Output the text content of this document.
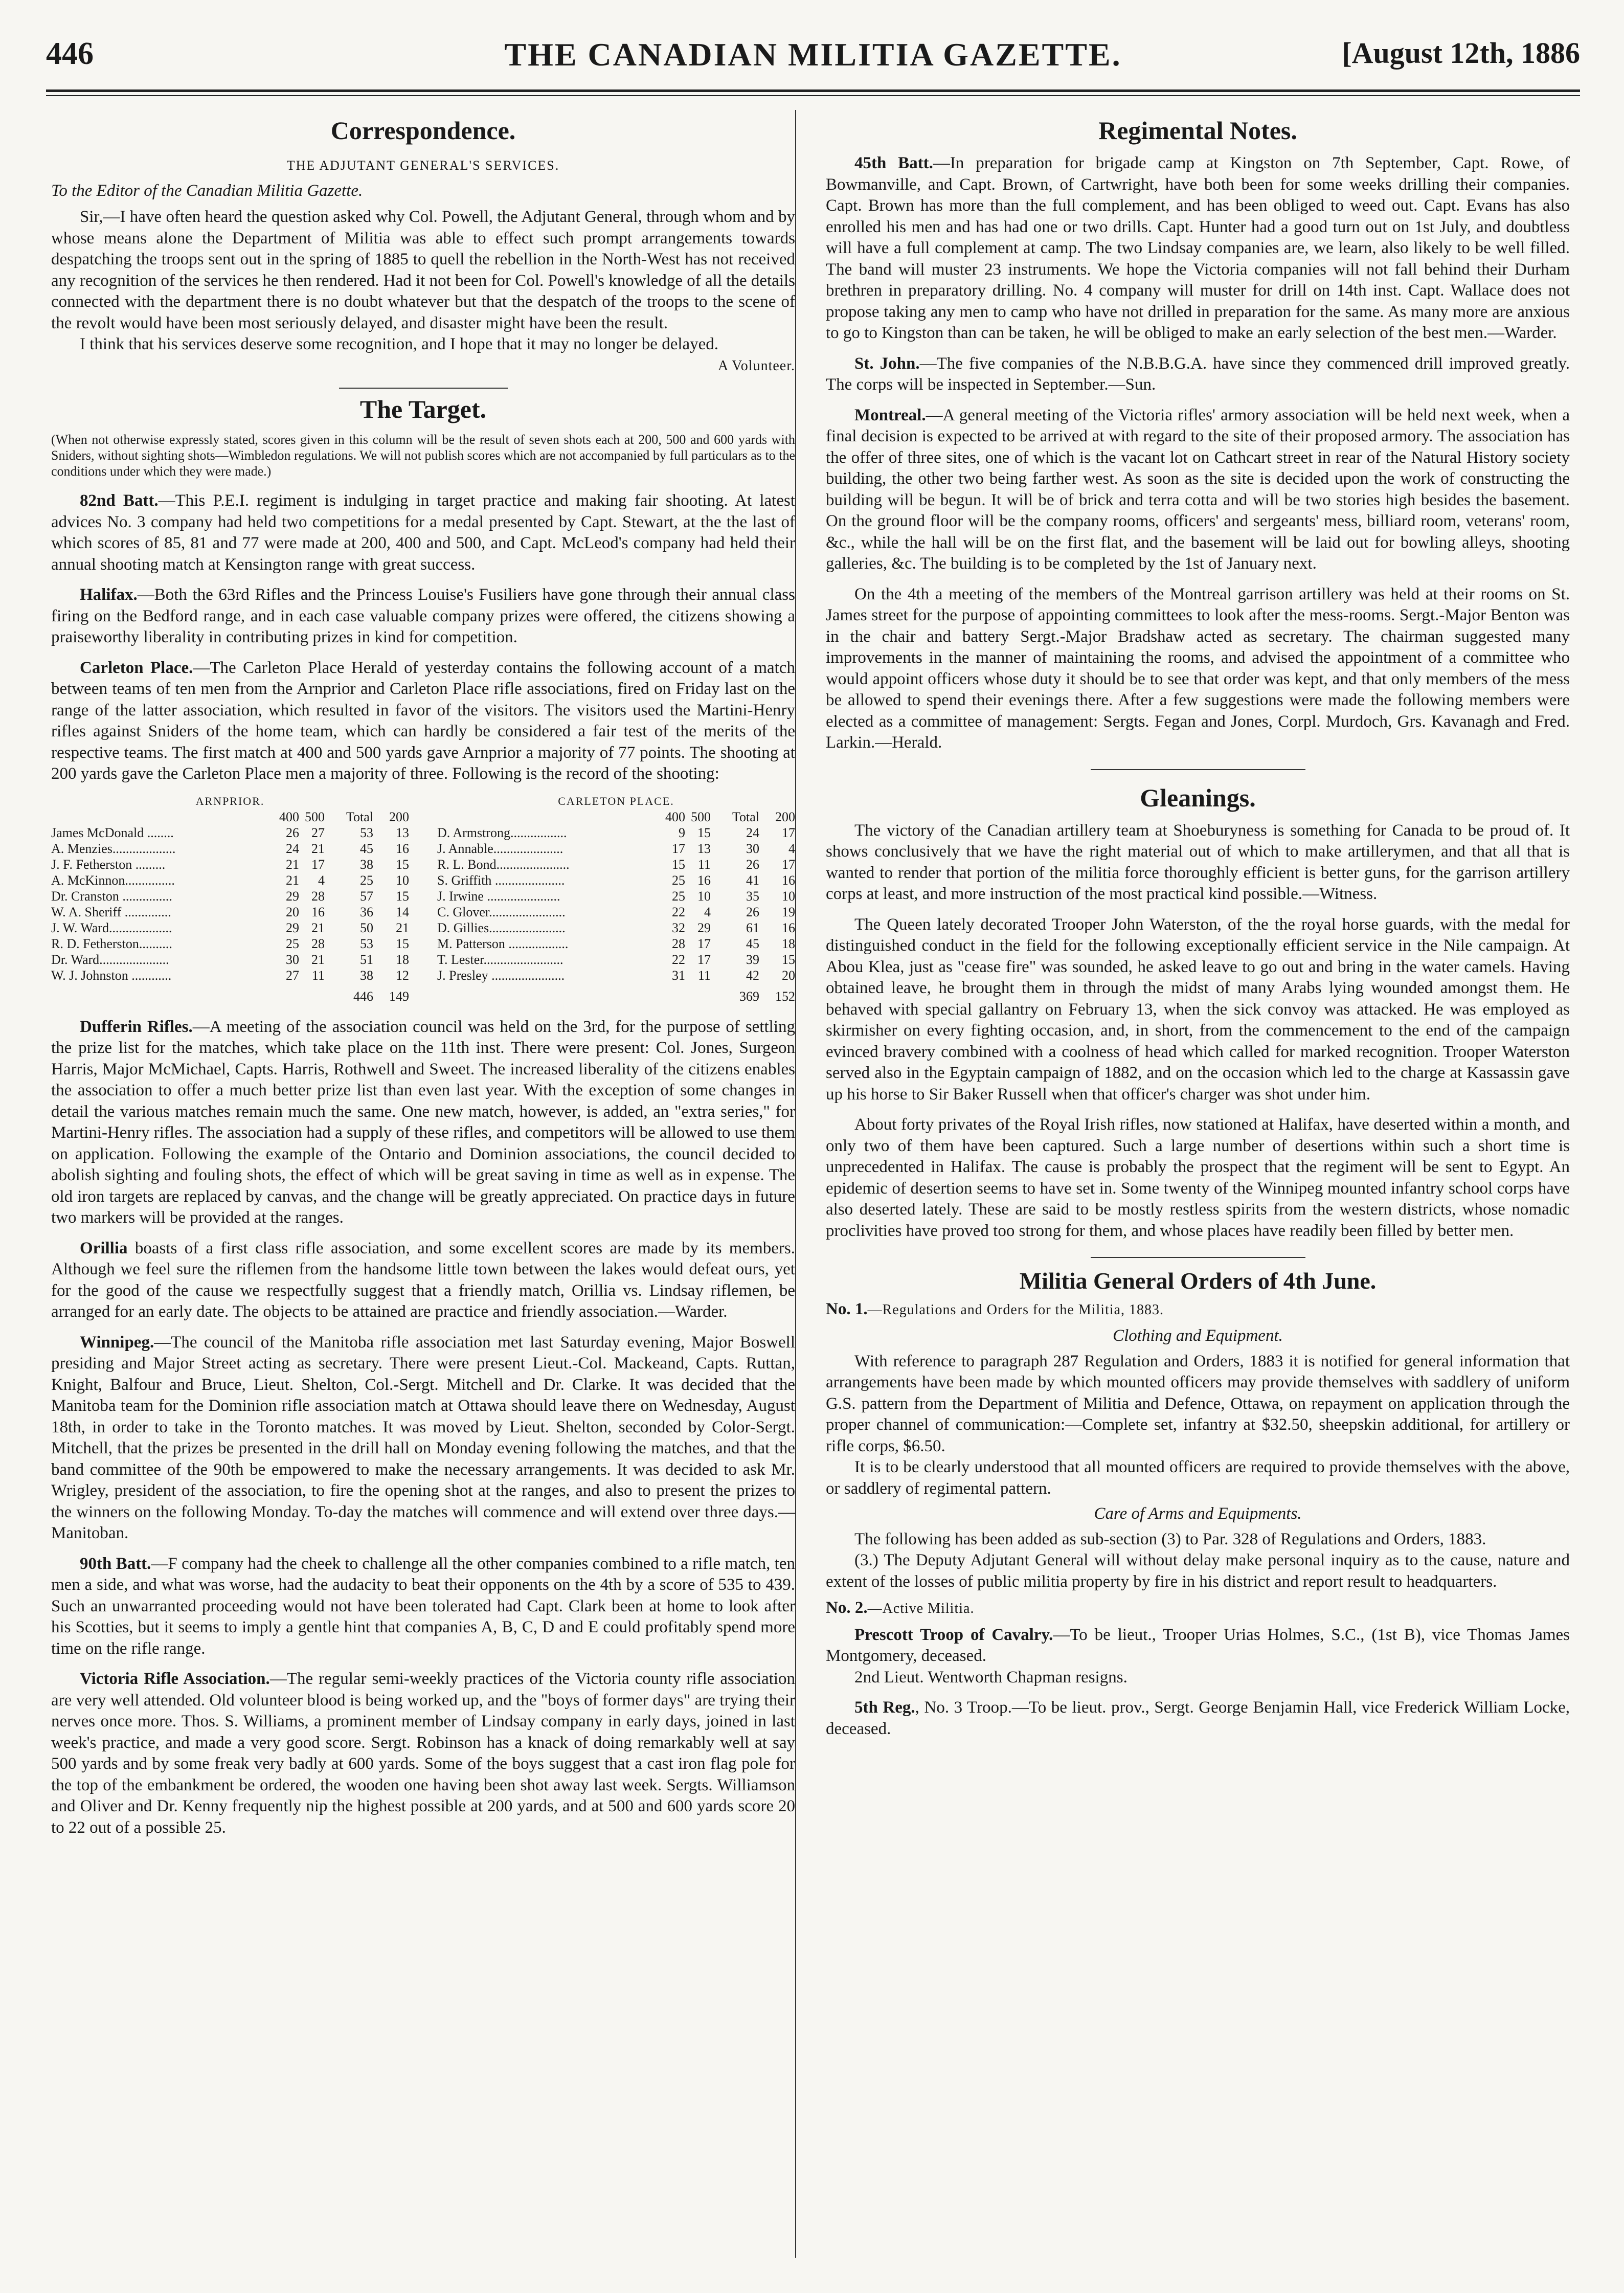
446	THE CANADIAN MILITIA GAZETTE.	[August 12th, 1886
Correspondence.
THE ADJUTANT GENERAL'S SERVICES.
To the Editor of the Canadian Militia Gazette.

Sir,—I have often heard the question asked why Col. Powell, the Adjutant General, through whom and by whose means alone the Department of Militia was able to effect such prompt arrangements towards despatching the troops sent out in the spring of 1885 to quell the rebellion in the North-West has not received any recognition of the services he then rendered. Had it not been for Col. Powell's knowledge of all the details connected with the department there is no doubt whatever but that the despatch of the troops to the scene of the revolt would have been most seriously delayed, and disaster might have been the result.

I think that his services deserve some recognition, and I hope that it may no longer be delayed.

A Volunteer.
The Target.
(When not otherwise expressly stated, scores given in this column will be the result of seven shots each at 200, 500 and 600 yards with Sniders, without sighting shots—Wimbledon regulations. We will not publish scores which are not accompanied by full particulars as to the conditions under which they were made.)

82nd Batt.—This P.E.I. regiment is indulging in target practice and making fair shooting. At latest advices No. 3 company had held two competitions for a medal presented by Capt. Stewart, at the the last of which scores of 85, 81 and 77 were made at 200, 400 and 500, and Capt. McLeod's company had held their annual shooting match at Kensington range with great success.

Halifax.—Both the 63rd Rifles and the Princess Louise's Fusiliers have gone through their annual class firing on the Bedford range, and in each case valuable company prizes were offered, the citizens showing a praiseworthy liberality in contributing prizes in kind for competition.

Carleton Place.—The Carleton Place Herald of yesterday contains the following account of a match between teams of ten men from the Arnprior and Carleton Place rifle associations, fired on Friday last on the range of the latter association, which resulted in favor of the visitors. The visitors used the Martini-Henry rifles against Sniders of the home team, which can hardly be considered a fair test of the merits of the respective teams. The first match at 400 and 500 yards gave Arnprior a majority of 77 points. The shooting at 200 yards gave the Carleton Place men a majority of three. Following is the record of the shooting:

ARNPRIOR.
400 500	Total	200
James McDonald ........	26 27	53	13
A. Menzies...................	24 21	45	16
J. F. Fetherston .........	21 17	38	15
A. McKinnon...............	21	4	25	10
Dr. Cranston ...............	29 28	57	15
W. A. Sheriff ..............	20 16	36	14
J. W. Ward...................	29 21	50	21
R. D. Fetherston..........	25 28	53	15
Dr. Ward.....................	30 21	51	18
W. J. Johnston ............	27 11	38	12
446	149
CARLETON PLACE.
400 500	Total	200
D. Armstrong.................	9 15	24	17
J. Annable.....................	17 13	30	4
R. L. Bond......................	15 11	26	17
S. Griffith .....................	25 16	41	16
J. Irwine ......................	25 10	35	10
C. Glover.......................	22	4	26	19
D. Gillies.......................	32 29	61	16
M. Patterson ..................	28 17	45	18
T. Lester........................	22 17	39	15
J. Presley ......................	31 11	42	20
369	152

Dufferin Rifles.—A meeting of the association council was held on the 3rd, for the purpose of settling the prize list for the matches, which take place on the 11th inst. There were present: Col. Jones, Surgeon Harris, Major McMichael, Capts. Harris, Rothwell and Sweet. The increased liberality of the citizens enables the association to offer a much better prize list than even last year. With the exception of some changes in detail the various matches remain much the same. One new match, however, is added, an "extra series," for Martini-Henry rifles. The association had a supply of these rifles, and competitors will be allowed to use them on application. Following the example of the Ontario and Dominion associations, the council decided to abolish sighting and fouling shots, the effect of which will be great saving in time as well as in expense. The old iron targets are replaced by canvas, and the change will be greatly appreciated. On practice days in future two markers will be provided at the ranges.

Orillia boasts of a first class rifle association, and some excellent scores are made by its members. Although we feel sure the riflemen from the handsome little town between the lakes would defeat ours, yet for the good of the cause we respectfully suggest that a friendly match, Orillia vs. Lindsay riflemen, be arranged for an early date. The objects to be attained are practice and friendly association.—Warder.

Winnipeg.—The council of the Manitoba rifle association met last Saturday evening, Major Boswell presiding and Major Street acting as secretary. There were present Lieut.-Col. Mackeand, Capts. Ruttan, Knight, Balfour and Bruce, Lieut. Shelton, Col.-Sergt. Mitchell and Dr. Clarke. It was decided that the Manitoba team for the Dominion rifle association match at Ottawa should leave there on Wednesday, August 18th, in order to take in the Toronto matches. It was moved by Lieut. Shelton, seconded by Color-Sergt. Mitchell, that the prizes be presented in the drill hall on Monday evening following the matches, and that the band committee of the 90th be empowered to make the necessary arrangements. It was decided to ask Mr. Wrigley, president of the association, to fire the opening shot at the ranges, and also to present the prizes to the winners on the following Monday. To-day the matches will commence and will extend over three days.—Manitoban.

90th Batt.—F company had the cheek to challenge all the other companies combined to a rifle match, ten men a side, and what was worse, had the audacity to beat their opponents on the 4th by a score of 535 to 439. Such an unwarranted proceeding would not have been tolerated had Capt. Clark been at home to look after his Scotties, but it seems to imply a gentle hint that companies A, B, C, D and E could profitably spend more time on the rifle range.

Victoria Rifle Association.—The regular semi-weekly practices of the Victoria county rifle association are very well attended. Old volunteer blood is being worked up, and the "boys of former days" are trying their nerves once more. Thos. S. Williams, a prominent member of Lindsay company in early days, joined in last week's practice, and made a very good score. Sergt. Robinson has a knack of doing remarkably well at say 500 yards and by some freak very badly at 600 yards. Some of the boys suggest that a cast iron flag pole for the top of the embankment be ordered, the wooden one having been shot away last week. Sergts. Williamson and Oliver and Dr. Kenny frequently nip the highest possible at 200 yards, and at 500 and 600 yards score 20 to 22 out of a possible 25.

Regimental Notes.

45th Batt.—In preparation for brigade camp at Kingston on 7th September, Capt. Rowe, of Bowmanville, and Capt. Brown, of Cartwright, have both been for some weeks drilling their companies. Capt. Brown has more than the full complement, and has been obliged to weed out. Capt. Evans has also enrolled his men and has had one or two drills. Capt. Hunter had a good turn out on 1st July, and doubtless will have a full complement at camp. The two Lindsay companies are, we learn, also likely to be well filled. The band will muster 23 instruments. We hope the Victoria companies will not fall behind their Durham brethren in preparatory drilling. No. 4 company will muster for drill on 14th inst. Capt. Wallace does not propose taking any men to camp who have not drilled in preparation for the same. As many more are anxious to go to Kingston than can be taken, he will be obliged to make an early selection of the best men.—Warder.

St. John.—The five companies of the N.B.B.G.A. have since they commenced drill improved greatly. The corps will be inspected in September.—Sun.

Montreal.—A general meeting of the Victoria rifles' armory association will be held next week, when a final decision is expected to be arrived at with regard to the site of their proposed armory. The association has the offer of three sites, one of which is the vacant lot on Cathcart street in rear of the Natural History society building, the other two being farther west. As soon as the site is decided upon the work of constructing the building will be begun. It will be of brick and terra cotta and will be two stories high besides the basement. On the ground floor will be the company rooms, officers' and sergeants' mess, billiard room, veterans' room, &c., while the hall will be on the first flat, and the basement will be laid out for bowling alleys, shooting galleries, &c. The building is to be completed by the 1st of January next.

On the 4th a meeting of the members of the Montreal garrison artillery was held at their rooms on St. James street for the purpose of appointing committees to look after the mess-rooms. Sergt.-Major Benton was in the chair and battery Sergt.-Major Bradshaw acted as secretary. The chairman suggested many improvements in the manner of maintaining the rooms, and advised the appointment of a committee who would appoint officers whose duty it should be to see that order was kept, and that only members of the mess be allowed to spend their evenings there. After a few suggestions were made the following members were elected as a committee of management: Sergts. Fegan and Jones, Corpl. Murdoch, Grs. Kavanagh and Fred. Larkin.—Herald.

Gleanings.

The victory of the Canadian artillery team at Shoeburyness is something for Canada to be proud of. It shows conclusively that we have the right material out of which to make artillerymen, and that all that is wanted to render that portion of the militia force thoroughly efficient is better guns, for the garrison artillery corps at least, and more instruction of the most practical kind possible.—Witness.

The Queen lately decorated Trooper John Waterston, of the the royal horse guards, with the medal for distinguished conduct in the field for the following exceptionally efficient service in the Nile campaign. At Abou Klea, just as "cease fire" was sounded, he asked leave to go out and bring in the water camels. Having obtained leave, he brought them in through the midst of many Arabs lying wounded amongst them. He behaved with special gallantry on February 13, when the sick convoy was attacked. He was employed as skirmisher on every fighting occasion, and, in short, from the commencement to the end of the campaign evinced bravery combined with a coolness of head which called for marked recognition. Trooper Waterston served also in the Egyptain campaign of 1882, and on the occasion which led to the charge at Kassassin gave up his horse to Sir Baker Russell when that officer's charger was shot under him.

About forty privates of the Royal Irish rifles, now stationed at Halifax, have deserted within a month, and only two of them have been captured. Such a large number of desertions within such a short time is unprecedented in Halifax. The cause is probably the prospect that the regiment will be sent to Egypt. An epidemic of desertion seems to have set in. Some twenty of the Winnipeg mounted infantry school corps have also deserted lately. These are said to be mostly restless spirits from the western districts, whose nomadic proclivities have proved too strong for them, and whose places have readily been filled by better men.

Militia General Orders of 4th June.
No. 1.—Regulations and Orders for the Militia, 1883.
Clothing and Equipment.

With reference to paragraph 287 Regulation and Orders, 1883 it is notified for general information that arrangements have been made by which mounted officers may provide themselves with saddlery of uniform G.S. pattern from the Department of Militia and Defence, Ottawa, on repayment on application through the proper channel of communication:—Complete set, infantry at $32.50, sheepskin additional, for artillery or rifle corps, $6.50.

It is to be clearly understood that all mounted officers are required to provide themselves with the above, or saddlery of regimental pattern.

Care of Arms and Equipments.

The following has been added as sub-section (3) to Par. 328 of Regulations and Orders, 1883.

(3.) The Deputy Adjutant General will without delay make personal inquiry as to the cause, nature and extent of the losses of public militia property by fire in his district and report result to headquarters.

No. 2.—Active Militia.

Prescott Troop of Cavalry.—To be lieut., Trooper Urias Holmes, S.C., (1st B), vice Thomas James Montgomery, deceased.

2nd Lieut. Wentworth Chapman resigns.

5th Reg., No. 3 Troop.—To be lieut. prov., Sergt. George Benjamin Hall, vice Frederick William Locke, deceased.
